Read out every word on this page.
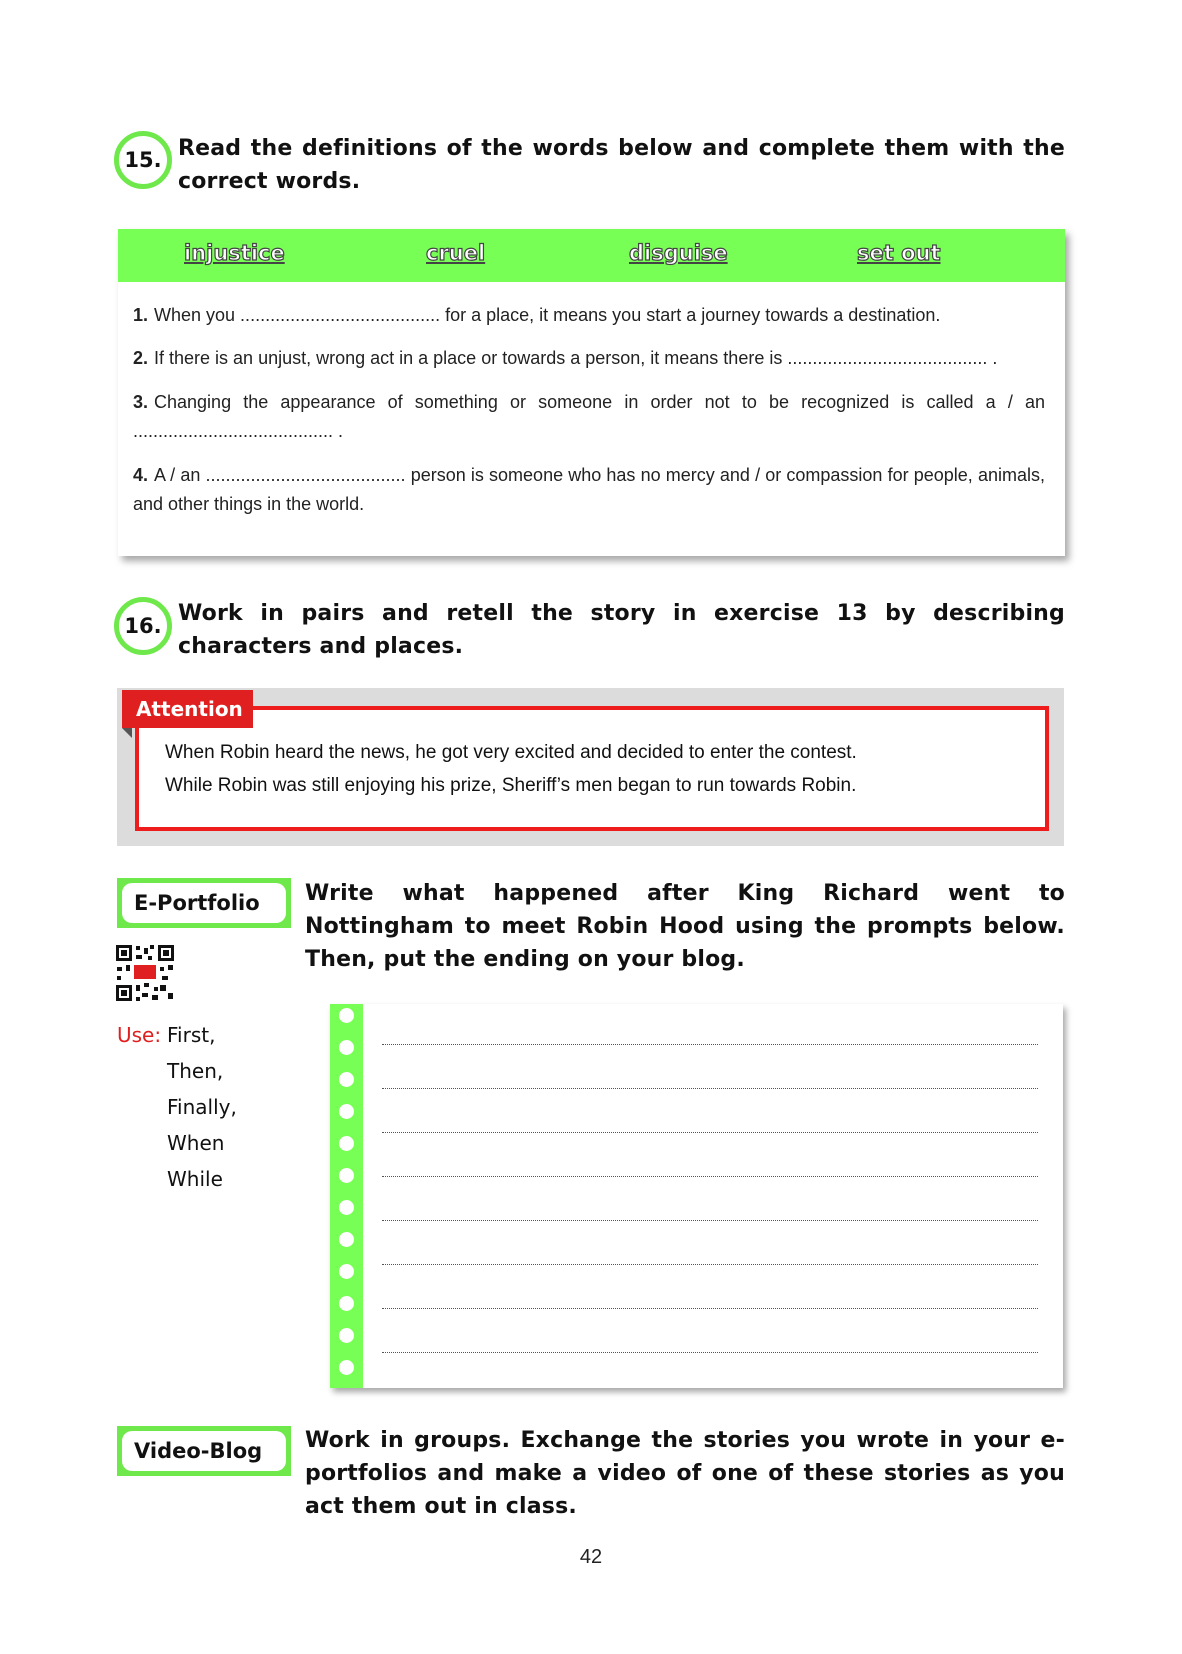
15. Read the definitions of the words below and complete them with the correct words.
injustice	cruel	disguise	set out
1. When you ........................................ for a place, it means you start a journey towards a destination.
2. If there is an unjust, wrong act in a place or towards a person, it means there is ........................................ .
3. Changing the appearance of something or someone in order not to be recognized is called a / an ........................................ .
4. A / an ........................................ person is someone who has no mercy and / or compassion for people, animals, and other things in the world.
16. Work in pairs and retell the story in exercise 13 by describing characters and places.
Attention
When Robin heard the news, he got very excited and decided to enter the contest.
While Robin was still enjoying his prize, Sheriff’s men began to run towards Robin.
E-Portfolio	Write what happened after King Richard went to Nottingham to meet Robin Hood using the prompts below. Then, put the ending on your blog.
Use: First,
Then,
Finally,
When
While
Video-Blog	Work in groups. Exchange the stories you wrote in your e-portfolios and make a video of one of these stories as you act them out in class.
42
